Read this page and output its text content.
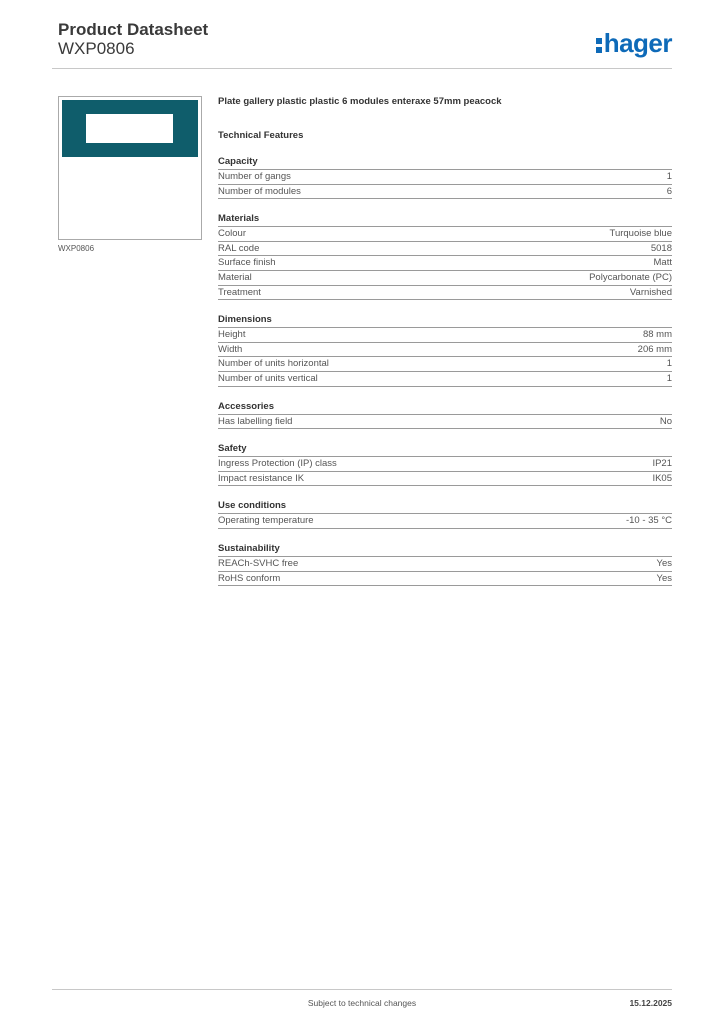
Product Datasheet
WXP0806	hager
WXP0806
Plate gallery plastic plastic 6 modules enteraxe 57mm peacock
Technical Features
Capacity
Number of gangs	1
Number of modules	6
Materials
Colour	Turquoise blue
RAL code	5018
Surface finish	Matt
Material	Polycarbonate (PC)
Treatment	Varnished
Dimensions
Height	88 mm
Width	206 mm
Number of units horizontal	1
Number of units vertical	1
Accessories
Has labelling field	No
Safety
Ingress Protection (IP) class	IP21
Impact resistance IK	IK05
Use conditions
Operating temperature	-10 - 35 °C
Sustainability
REACh-SVHC free	Yes
RoHS conform	Yes
Subject to technical changes	15.12.2025
